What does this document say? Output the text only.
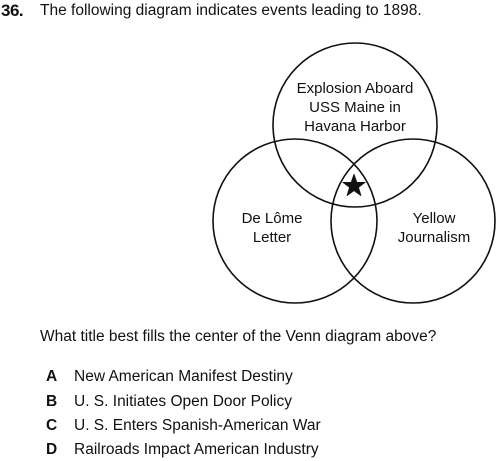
36. The following diagram indicates events leading to 1898.
Explosion Aboard
USS Maine in
Havana Harbor
De Lôme
Letter
Yellow
Journalism
What title best fills the center of the Venn diagram above?
A New American Manifest Destiny
B U. S. Initiates Open Door Policy
C U. S. Enters Spanish-American War
D Railroads Impact American Industry
